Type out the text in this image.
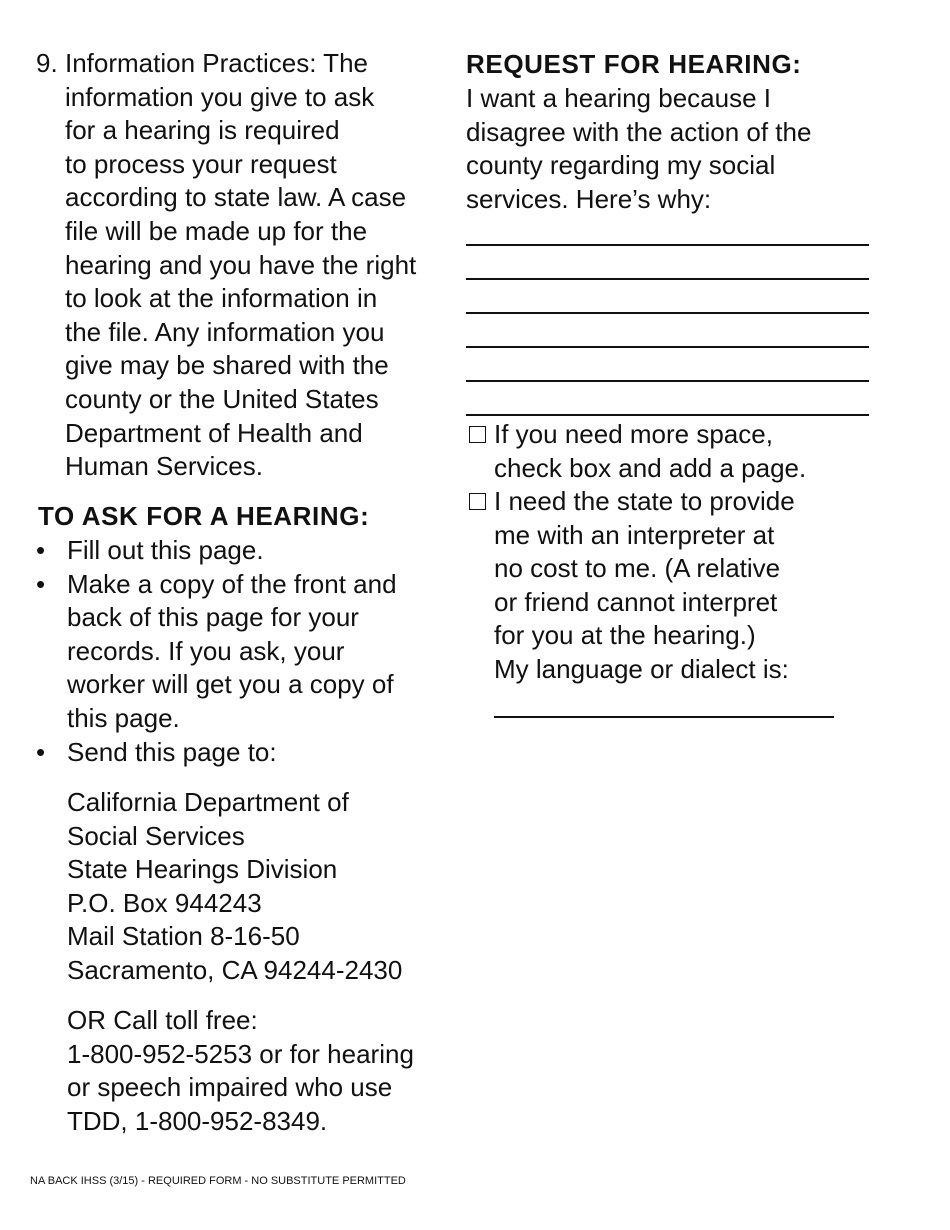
9. Information Practices: The
information you give to ask
for a hearing is required
to process your request
according to state law. A case
file will be made up for the
hearing and you have the right
to look at the information in
the file. Any information you
give may be shared with the
county or the United States
Department of Health and
Human Services.
TO ASK FOR A HEARING:
• Fill out this page.
• Make a copy of the front and
back of this page for your
records. If you ask, your
worker will get you a copy of
this page.
• Send this page to:
California Department of
Social Services
State Hearings Division
P.O. Box 944243
Mail Station 8-16-50
Sacramento, CA 94244-2430
OR Call toll free:
1-800-952-5253 or for hearing
or speech impaired who use
TDD, 1-800-952-8349.
REQUEST FOR HEARING:
I want a hearing because I
disagree with the action of the
county regarding my social
services. Here’s why:
If you need more space,
check box and add a page.
I need the state to provide
me with an interpreter at
no cost to me. (A relative
or friend cannot interpret
for you at the hearing.)
My language or dialect is:
NA BACK IHSS (3/15) - REQUIRED FORM - NO SUBSTITUTE PERMITTED
